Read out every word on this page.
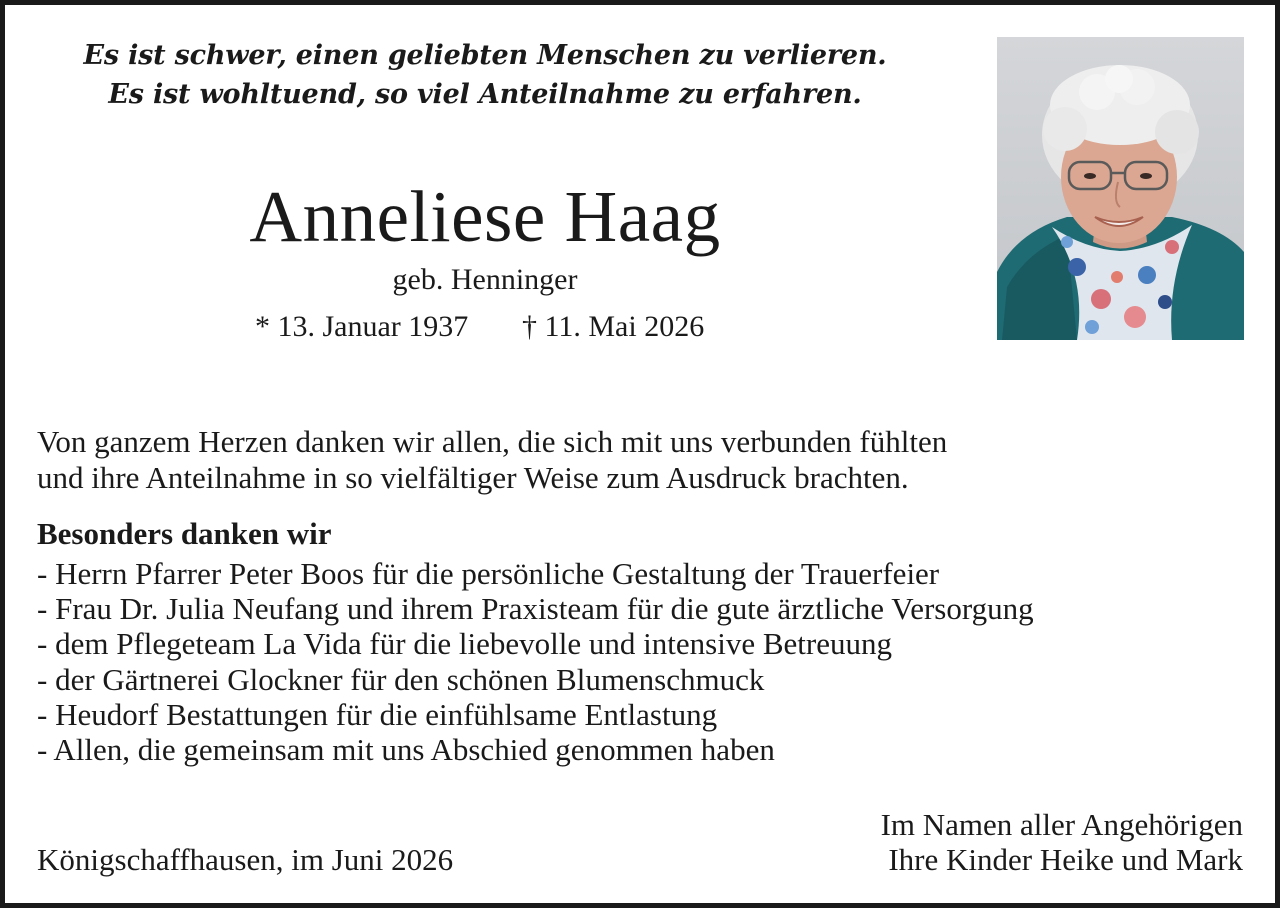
Es ist schwer, einen geliebten Menschen zu verlieren.
Es ist wohltuend, so viel Anteilnahme zu erfahren.
Anneliese Haag
geb. Henninger
* 13. Januar 1937 † 11. Mai 2026
Von ganzem Herzen danken wir allen, die sich mit uns verbunden fühlten
und ihre Anteilnahme in so vielfältiger Weise zum Ausdruck brachten.
Besonders danken wir
- Herrn Pfarrer Peter Boos für die persönliche Gestaltung der Trauerfeier
- Frau Dr. Julia Neufang und ihrem Praxisteam für die gute ärztliche Versorgung
- dem Pflegeteam La Vida für die liebevolle und intensive Betreuung
- der Gärtnerei Glockner für den schönen Blumenschmuck
- Heudorf Bestattungen für die einfühlsame Entlastung
- Allen, die gemeinsam mit uns Abschied genommen haben
Königschaffhausen, im Juni 2026
Im Namen aller Angehörigen
Ihre Kinder Heike und Mark
